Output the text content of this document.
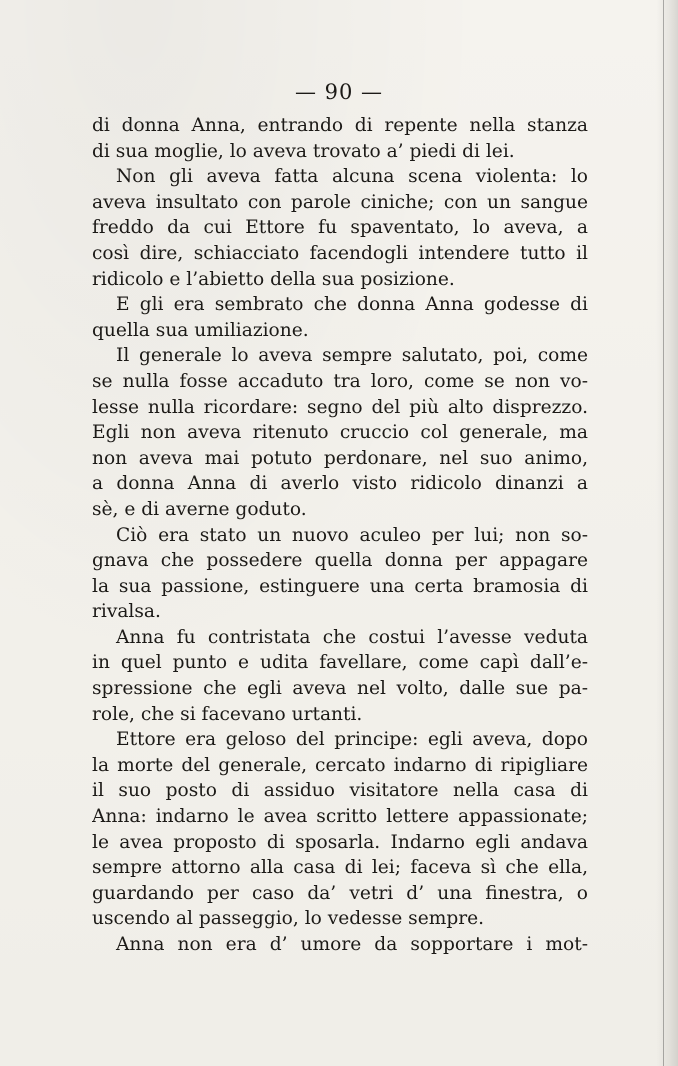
— 90 —
di donna Anna, entrando di repente nella stanza
di sua moglie, lo aveva trovato a’ piedi di lei.
Non gli aveva fatta alcuna scena violenta: lo
aveva insultato con parole ciniche; con un sangue
freddo da cui Ettore fu spaventato, lo aveva, a
così dire, schiacciato facendogli intendere tutto il
ridicolo e l’abietto della sua posizione.
E gli era sembrato che donna Anna godesse di
quella sua umiliazione.
Il generale lo aveva sempre salutato, poi, come
se nulla fosse accaduto tra loro, come se non vo-
lesse nulla ricordare: segno del più alto disprezzo.
Egli non aveva ritenuto cruccio col generale, ma
non aveva mai potuto perdonare, nel suo animo,
a donna Anna di averlo visto ridicolo dinanzi a
sè, e di averne goduto.
Ciò era stato un nuovo aculeo per lui; non so-
gnava che possedere quella donna per appagare
la sua passione, estinguere una certa bramosia di
rivalsa.
Anna fu contristata che costui l’avesse veduta
in quel punto e udita favellare, come capì dall’e-
spressione che egli aveva nel volto, dalle sue pa-
role, che si facevano urtanti.
Ettore era geloso del principe: egli aveva, dopo
la morte del generale, cercato indarno di ripigliare
il suo posto di assiduo visitatore nella casa di
Anna: indarno le avea scritto lettere appassionate;
le avea proposto di sposarla. Indarno egli andava
sempre attorno alla casa di lei; faceva sì che ella,
guardando per caso da’ vetri d’ una finestra, o
uscendo al passeggio, lo vedesse sempre.
Anna non era d’ umore da sopportare i mot-
